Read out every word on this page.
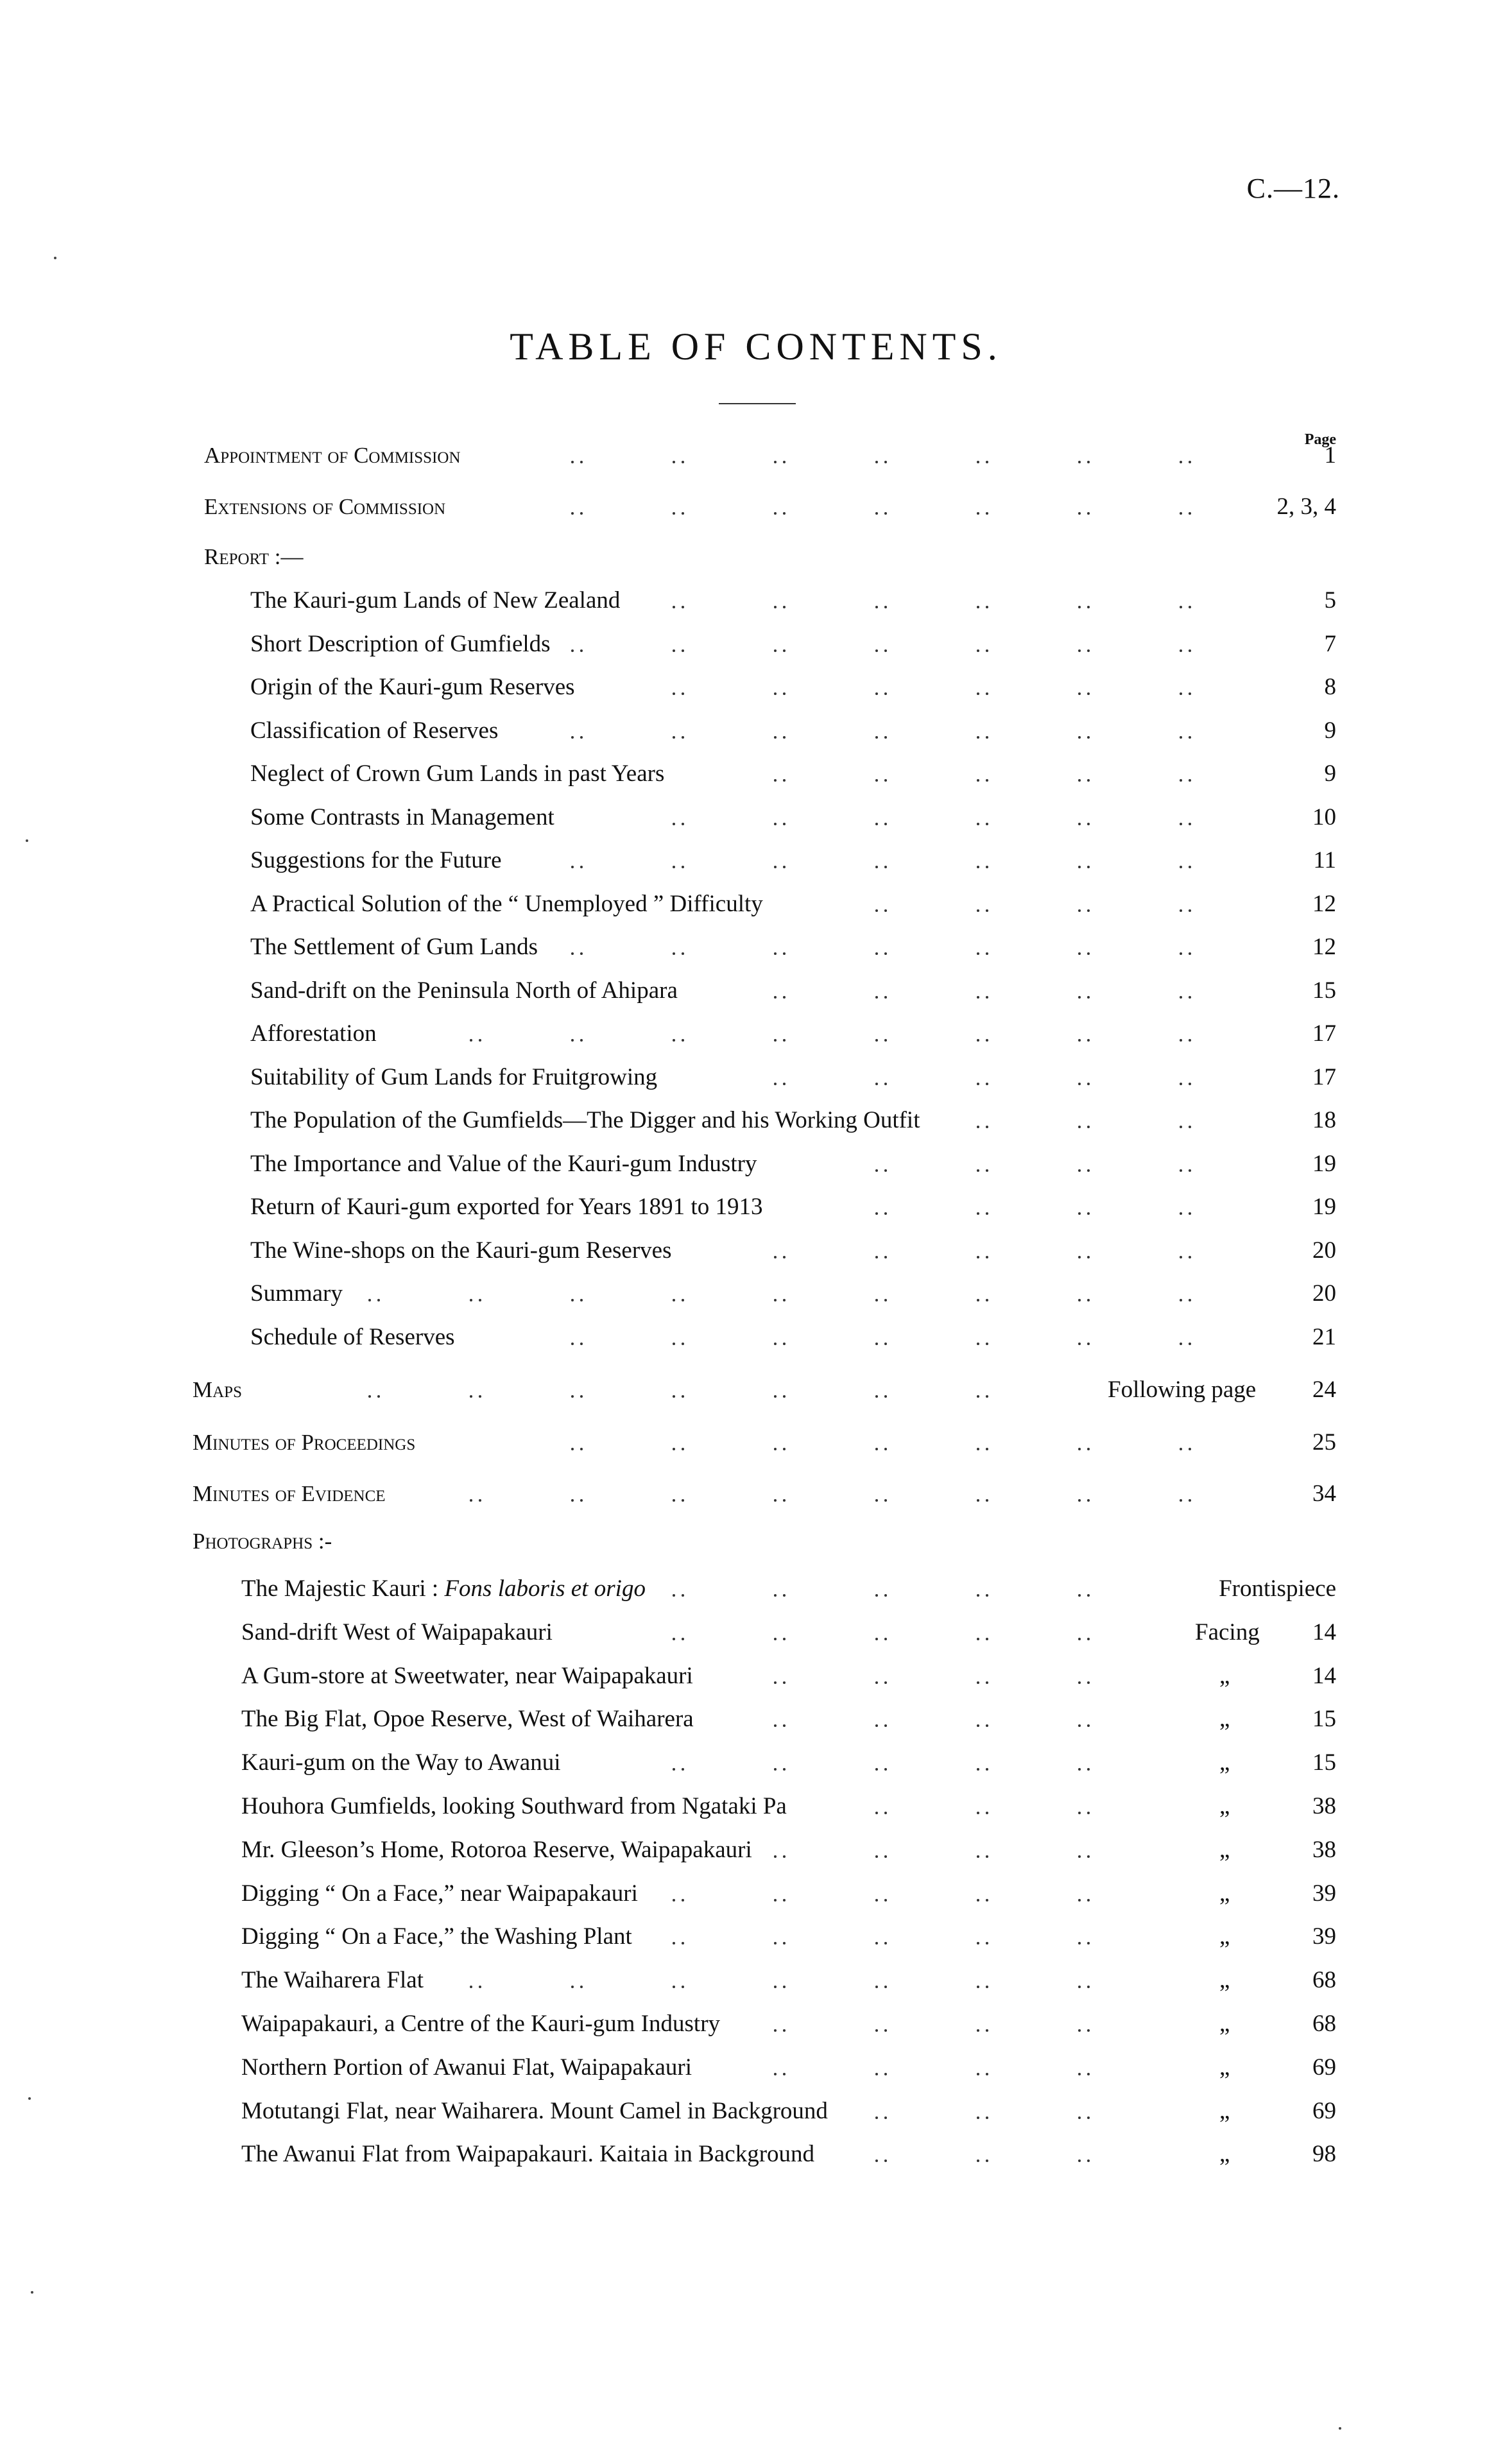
C.—12.
TABLE OF CONTENTS.
Page
Appointment of Commission	1
Extensions of Commission	2, 3, 4
Report :—
The Kauri-gum Lands of New Zealand	5
Short Description of Gumfields	7
Origin of the Kauri-gum Reserves	8
Classification of Reserves	9
Neglect of Crown Gum Lands in past Years	9
Some Contrasts in Management	10
Suggestions for the Future	11
A Practical Solution of the “ Unemployed ” Difficulty	12
The Settlement of Gum Lands	12
Sand-drift on the Peninsula North of Ahipara	15
Afforestation	17
Suitability of Gum Lands for Fruitgrowing	17
The Population of the Gumfields—The Digger and his Working Outfit	18
The Importance and Value of the Kauri-gum Industry	19
Return of Kauri-gum exported for Years 1891 to 1913	19
The Wine-shops on the Kauri-gum Reserves	20
Summary	20
Schedule of Reserves	21
Maps	Following page 24
Minutes of Proceedings	25
Minutes of Evidence	34
Photographs :-
The Majestic Kauri : Fons laboris et origo	Frontispiece
Sand-drift West of Waipapakauri	Facing 14
A Gum-store at Sweetwater, near Waipapakauri	„	14
The Big Flat, Opoe Reserve, West of Waiharera	„	15
Kauri-gum on the Way to Awanui	„	15
Houhora Gumfields, looking Southward from Ngataki Pa	„	38
Mr. Gleeson’s Home, Rotoroa Reserve, Waipapakauri	„	38
Digging “ On a Face,” near Waipapakauri	„	39
Digging “ On a Face,” the Washing Plant	„	39
The Waiharera Flat	„	68
Waipapakauri, a Centre of the Kauri-gum Industry	„	68
Northern Portion of Awanui Flat, Waipapakauri	„	69
Motutangi Flat, near Waiharera. Mount Camel in Background	„	69
The Awanui Flat from Waipapakauri. Kaitaia in Background	„	98
